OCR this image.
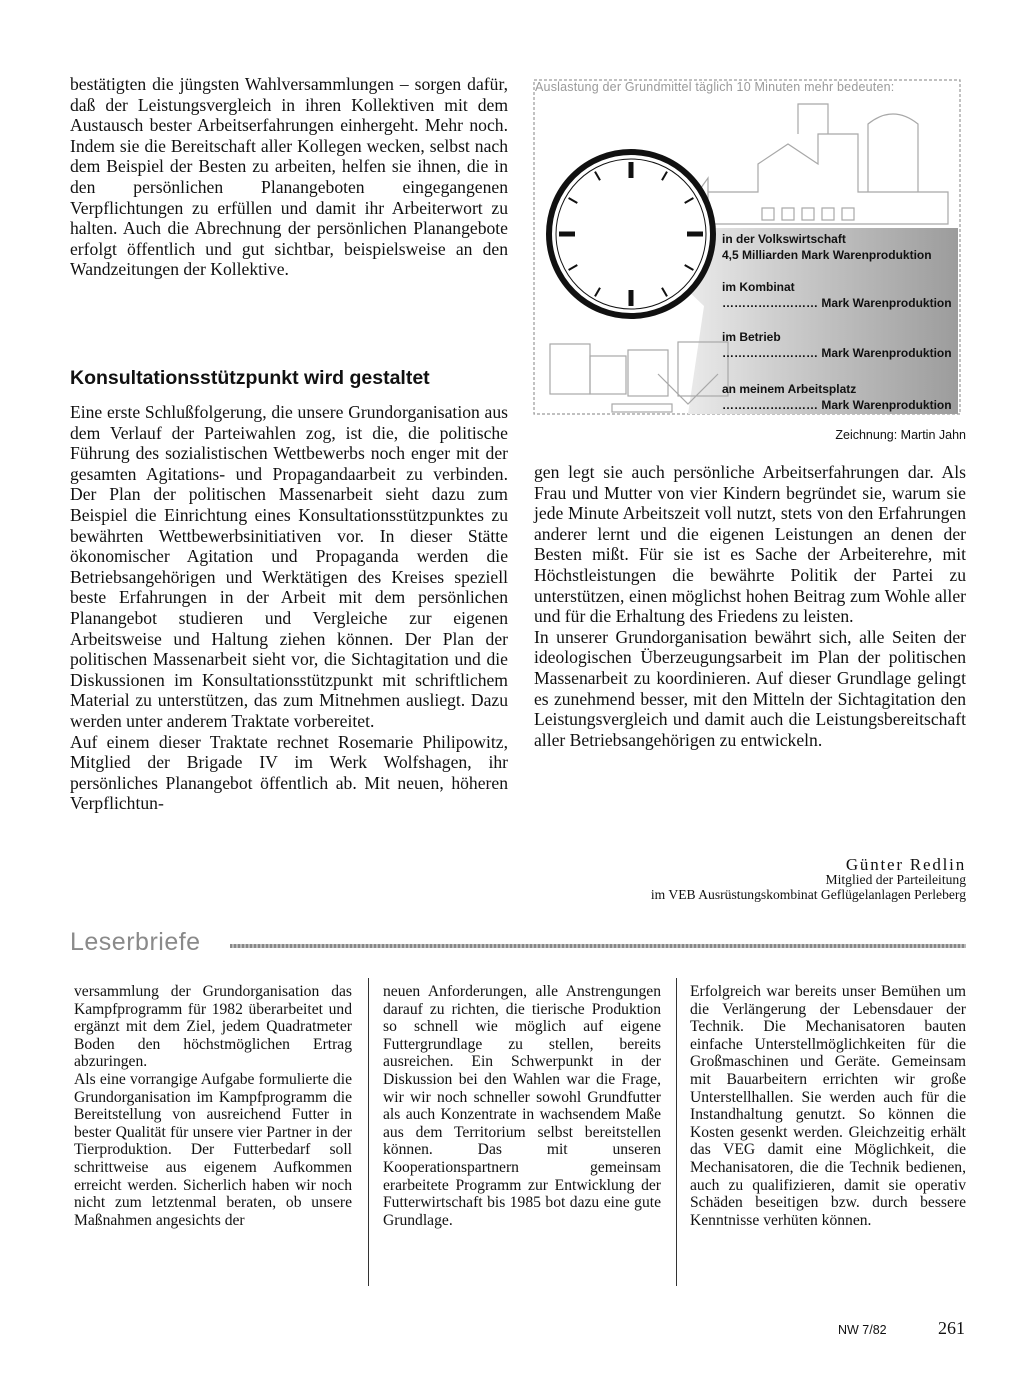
bestätigten die jüngsten Wahlversammlungen – sorgen dafür, daß der Leistungsvergleich in ihren Kollektiven mit dem Austausch bester Arbeitserfahrungen einhergeht. Mehr noch. Indem sie die Bereitschaft aller Kollegen wecken, selbst nach dem Beispiel der Besten zu arbeiten, helfen sie ihnen, die in den persönlichen Planangeboten eingegangenen Verpflichtungen zu erfüllen und damit ihr Arbeiterwort zu halten. Auch die Abrechnung der persönlichen Planangebote erfolgt öffentlich und gut sichtbar, beispielsweise an den Wandzeitungen der Kollektive.

Konsultationsstützpunkt wird gestaltet

Eine erste Schlußfolgerung, die unsere Grundorganisation aus dem Verlauf der Parteiwahlen zog, ist die, die politische Führung des sozialistischen Wettbewerbs noch enger mit der gesamten Agitations- und Propagandaarbeit zu verbinden. Der Plan der politischen Massenarbeit sieht dazu zum Beispiel die Einrichtung eines Konsultationsstützpunktes zu bewährten Wettbewerbsinitiativen vor. In dieser Stätte ökonomischer Agitation und Propaganda werden die Betriebsangehörigen und Werktätigen des Kreises speziell beste Erfahrungen in der Arbeit mit dem persönlichen Planangebot studieren und Vergleiche zur eigenen Arbeitsweise und Haltung ziehen können. Der Plan der politischen Massenarbeit sieht vor, die Sichtagitation und die Diskussionen im Konsultationsstützpunkt mit schriftlichem Material zu unterstützen, das zum Mitnehmen ausliegt. Dazu werden unter anderem Traktate vorbereitet.

Auf einem dieser Traktate rechnet Rosemarie Philipowitz, Mitglied der Brigade IV im Werk Wolfshagen, ihr persönliches Planangebot öffentlich ab. Mit neuen, höheren Verpflichtun-

Auslastung der Grundmittel täglich 10 Minuten mehr bedeuten:
in der Volkswirtschaft
4,5 Milliarden Mark Warenproduktion
im Kombinat
…………………… Mark Warenproduktion
im Betrieb
…………………… Mark Warenproduktion
an meinem Arbeitsplatz
…………………… Mark Warenproduktion
Zeichnung: Martin Jahn

gen legt sie auch persönliche Arbeitserfahrungen dar. Als Frau und Mutter von vier Kindern begründet sie, warum sie jede Minute Arbeitszeit voll nutzt, stets von den Erfahrungen anderer lernt und die eigenen Leistungen an denen der Besten mißt. Für sie ist es Sache der Arbeiterehre, mit Höchstleistungen die bewährte Politik der Partei zu unterstützen, einen möglichst hohen Beitrag zum Wohle aller und für die Erhaltung des Friedens zu leisten.

In unserer Grundorganisation bewährt sich, alle Seiten der ideologischen Überzeugungsarbeit im Plan der politischen Massenarbeit zu koordinieren. Auf dieser Grundlage gelingt es zunehmend besser, mit den Mitteln der Sichtagitation den Leistungsvergleich und damit auch die Leistungsbereitschaft aller Betriebsangehörigen zu entwickeln.

Günter Redlin
Mitglied der Parteileitung
im VEB Ausrüstungskombinat Geflügelanlagen Perleberg
Leserbriefe

versammlung der Grundorganisation das Kampfprogramm für 1982 überarbeitet und ergänzt mit dem Ziel, jedem Quadratmeter Boden den höchstmöglichen Ertrag abzuringen.

Als eine vorrangige Aufgabe formulierte die Grundorganisation im Kampfprogramm die Bereitstellung von ausreichend Futter in bester Qualität für unsere vier Partner in der Tierproduktion. Der Futterbedarf soll schrittweise aus eigenem Aufkommen erreicht werden. Sicherlich haben wir noch nicht zum letztenmal beraten, ob unsere Maßnahmen angesichts der

neuen Anforderungen, alle Anstrengungen darauf zu richten, die tierische Produktion so schnell wie möglich auf eigene Futtergrundlage zu stellen, bereits ausreichen. Ein Schwerpunkt in der Diskussion bei den Wahlen war die Frage, wir wir noch schneller sowohl Grundfutter als auch Konzentrate in wachsendem Maße aus dem Territorium selbst bereitstellen können. Das mit unseren Kooperationspartnern gemeinsam erarbeitete Programm zur Entwicklung der Futterwirtschaft bis 1985 bot dazu eine gute Grundlage.

Erfolgreich war bereits unser Bemühen um die Verlängerung der Lebensdauer der Technik. Die Mechanisatoren bauten einfache Unterstellmöglichkeiten für die Großmaschinen und Geräte. Gemeinsam mit Bauarbeitern errichten wir große Unterstellhallen. Sie werden auch für die Instandhaltung genutzt. So können die Kosten gesenkt werden. Gleichzeitig erhält das VEG damit eine Möglichkeit, die Mechanisatoren, die die Technik bedienen, auch zu qualifizieren, damit sie operativ Schäden beseitigen bzw. durch bessere Kenntnisse verhüten können.

NW 7/82	261
